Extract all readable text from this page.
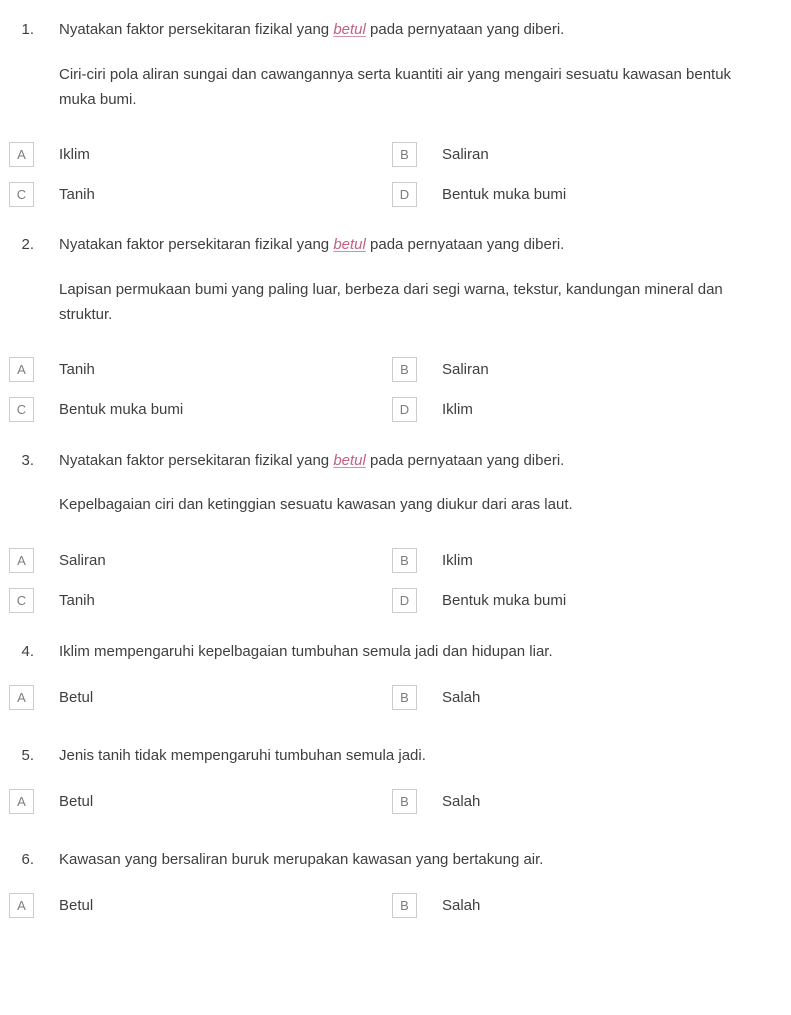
1.	Nyatakan faktor persekitaran fizikal yang betul pada pernyataan yang diberi.
Ciri-ciri pola aliran sungai dan cawangannya serta kuantiti air yang mengairi sesuatu kawasan bentuk muka bumi.
A	Iklim	B	Saliran
C	Tanih	D	Bentuk muka bumi
2.	Nyatakan faktor persekitaran fizikal yang betul pada pernyataan yang diberi.
Lapisan permukaan bumi yang paling luar, berbeza dari segi warna, tekstur, kandungan mineral dan struktur.
A	Tanih	B	Saliran
C	Bentuk muka bumi	D	Iklim
3.	Nyatakan faktor persekitaran fizikal yang betul pada pernyataan yang diberi.
Kepelbagaian ciri dan ketinggian sesuatu kawasan yang diukur dari aras laut.
A	Saliran	B	Iklim
C	Tanih	D	Bentuk muka bumi
4.	Iklim mempengaruhi kepelbagaian tumbuhan semula jadi dan hidupan liar.
A	Betul	B	Salah
5.	Jenis tanih tidak mempengaruhi tumbuhan semula jadi.
A	Betul	B	Salah
6.	Kawasan yang bersaliran buruk merupakan kawasan yang bertakung air.
A	Betul	B	Salah
